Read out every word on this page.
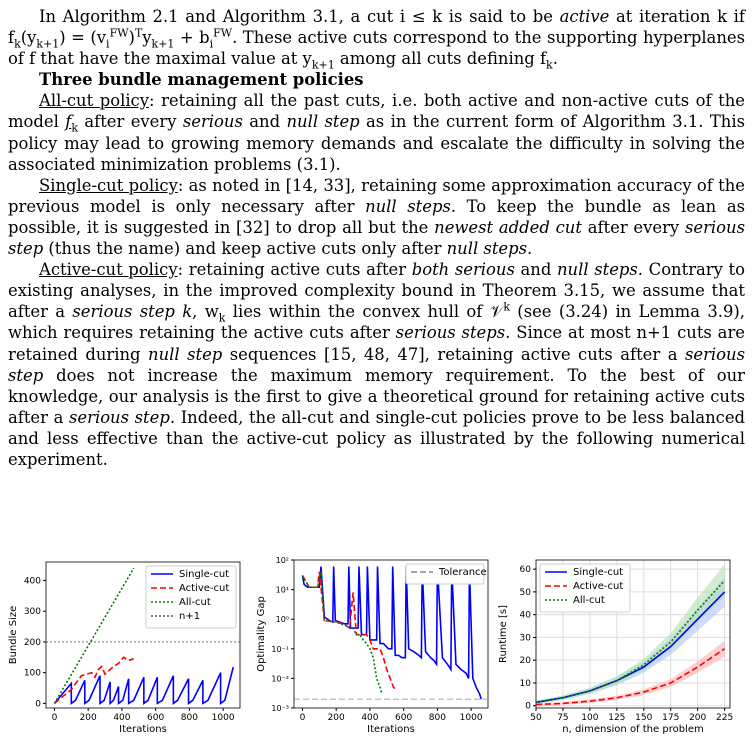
In Algorithm 2.1 and Algorithm 3.1, a cut i ≤ k is said to be active at iteration k if $f_k(y_{k+1}) = (v_i^{FW})^Ty_{k+1} + b_i^{FW}$. These active cuts correspond to the supporting hyperplanes of f that have the maximal value at $y_{k+1}$ among all cuts defining $f_k$.

Three bundle management policies

All-cut policy: retaining all the past cuts, i.e. both active and non-active cuts of the model $f_k$ after every serious and null step as in the current form of Algorithm 3.1. This policy may lead to growing memory demands and escalate the difficulty in solving the associated minimization problems (3.1).

Single-cut policy: as noted in [14, 33], retaining some approximation accuracy of the previous model is only necessary after null steps. To keep the bundle as lean as possible, it is suggested in [32] to drop all but the newest added cut after every serious step (thus the name) and keep active cuts only after null steps.

Active-cut policy: retaining active cuts after both serious and null steps. Contrary to existing analyses, in the improved complexity bound in Theorem 3.15, we assume that after a serious step k, $w_k$ lies within the convex hull of 𝒱$^k$ (see (3.24) in Lemma 3.9), which requires retaining the active cuts after serious steps. Since at most n+1 cuts are retained during null step sequences [15, 48, 47], retaining active cuts after a serious step does not increase the maximum memory requirement. To the best of our knowledge, our analysis is the first to give a theoretical ground for retaining active cuts after a serious step. Indeed, the all-cut and single-cut policies prove to be less balanced and less effective than the active-cut policy as illustrated by the following numerical experiment.

0 200 400 600 800 1000
0
100
200
300
400
Iterations
Bundle Size
Single-cut
Active-cut
All-cut
n+1
0 200 400 600 800 1000
10⁻³
10⁻²
10⁻¹
10⁰
10¹
10²
Iterations
Optimality Gap
Tolerance
50 75 100 125 150 175 200 225
0
10
20
30
40
50
60
n, dimension of the problem
Runtime [s]
Single-cut
Active-cut
All-cut
